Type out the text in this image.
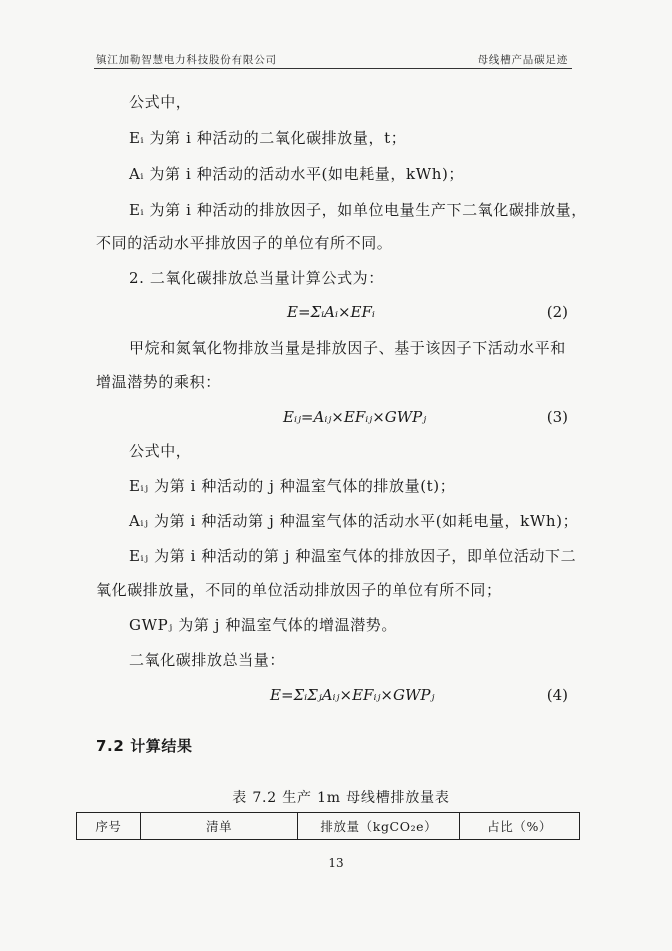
镇江加勒智慧电力科技股份有限公司	母线槽产品碳足迹
公式中，
Eᵢ 为第 i 种活动的二氧化碳排放量，t；
Aᵢ 为第 i 种活动的活动水平(如电耗量，kWh)；
Eᵢ 为第 i 种活动的排放因子，如单位电量生产下二氧化碳排放量，
不同的活动水平排放因子的单位有所不同。
2. 二氧化碳排放总当量计算公式为：
E=ΣᵢAᵢ×EFᵢ	(2)
甲烷和氮氧化物排放当量是排放因子、基于该因子下活动水平和
增温潜势的乘积：
Eᵢⱼ=Aᵢⱼ×EFᵢⱼ×GWPⱼ	(3)
公式中，
Eᵢⱼ 为第 i 种活动的 j 种温室气体的排放量(t)；
Aᵢⱼ 为第 i 种活动第 j 种温室气体的活动水平(如耗电量，kWh)；
Eᵢⱼ 为第 i 种活动的第 j 种温室气体的排放因子，即单位活动下二
氧化碳排放量，不同的单位活动排放因子的单位有所不同；
GWPⱼ 为第 j 种温室气体的增温潜势。
二氧化碳排放总当量：
E=ΣᵢΣⱼAᵢⱼ×EFᵢⱼ×GWPⱼ	(4)
7.2 计算结果
表 7.2 生产 1m 母线槽排放量表
序号	清单	排放量（kgCO₂e）	占比（%）
13
